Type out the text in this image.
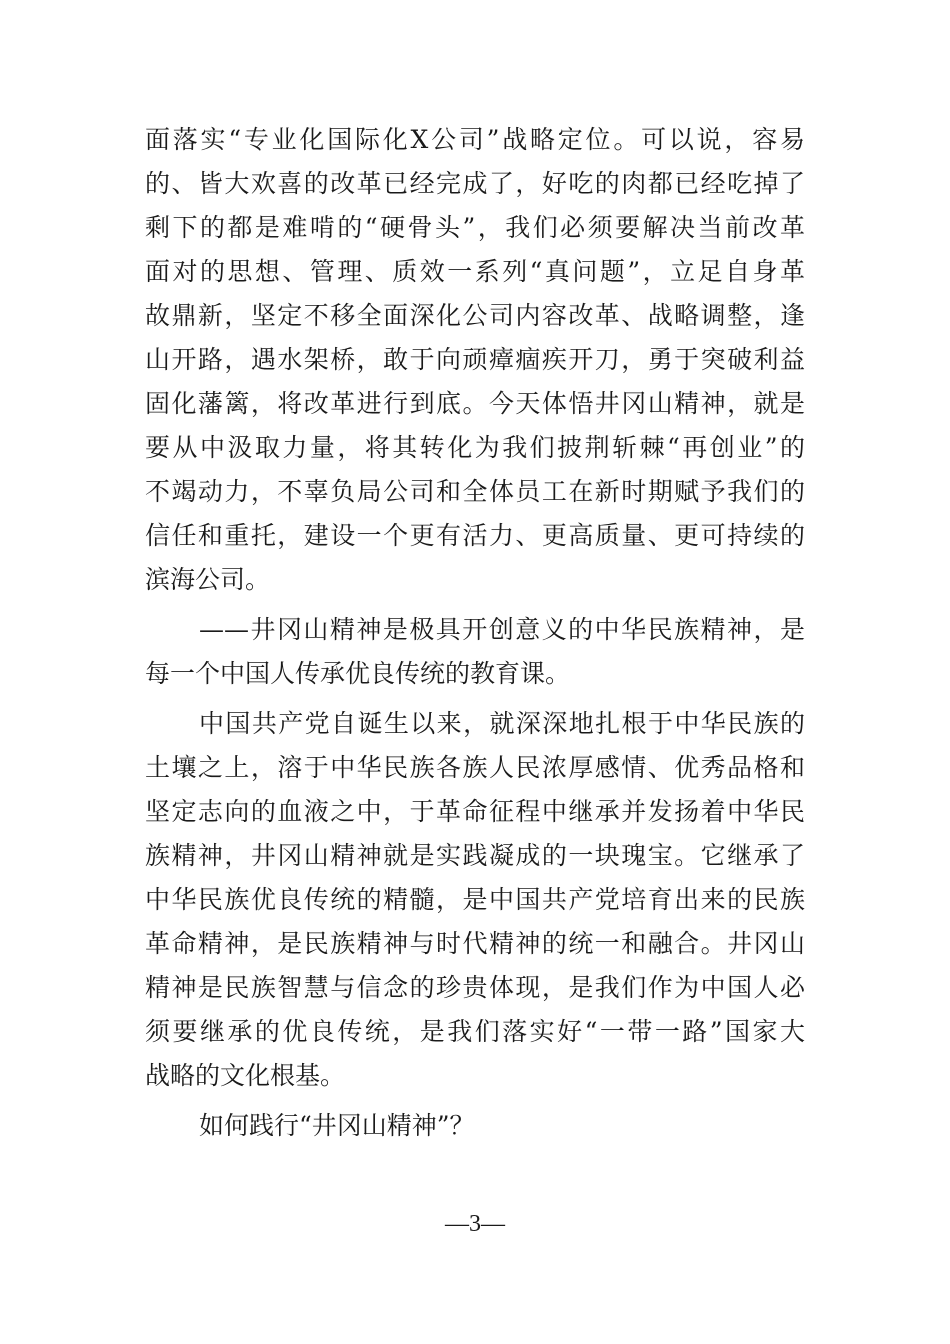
面落实“专业化国际化X公司”战略定位。可以说，容易
的、皆大欢喜的改革已经完成了，好吃的肉都已经吃掉了
剩下的都是难啃的“硬骨头”，我们必须要解决当前改革
面对的思想、管理、质效一系列“真问题”，立足自身革
故鼎新，坚定不移全面深化公司内容改革、战略调整，逢
山开路，遇水架桥，敢于向顽瘴痼疾开刀，勇于突破利益
固化藩篱，将改革进行到底。今天体悟井冈山精神，就是
要从中汲取力量，将其转化为我们披荆斩棘“再创业”的
不竭动力，不辜负局公司和全体员工在新时期赋予我们的
信任和重托，建设一个更有活力、更高质量、更可持续的
滨海公司。
——井冈山精神是极具开创意义的中华民族精神，是
每一个中国人传承优良传统的教育课。
中国共产党自诞生以来，就深深地扎根于中华民族的
土壤之上，溶于中华民族各族人民浓厚感情、优秀品格和
坚定志向的血液之中，于革命征程中继承并发扬着中华民
族精神，井冈山精神就是实践凝成的一块瑰宝。它继承了
中华民族优良传统的精髓，是中国共产党培育出来的民族
革命精神，是民族精神与时代精神的统一和融合。井冈山
精神是民族智慧与信念的珍贵体现，是我们作为中国人必
须要继承的优良传统，是我们落实好“一带一路”国家大
战略的文化根基。
如何践行“井冈山精神”？
—3—
